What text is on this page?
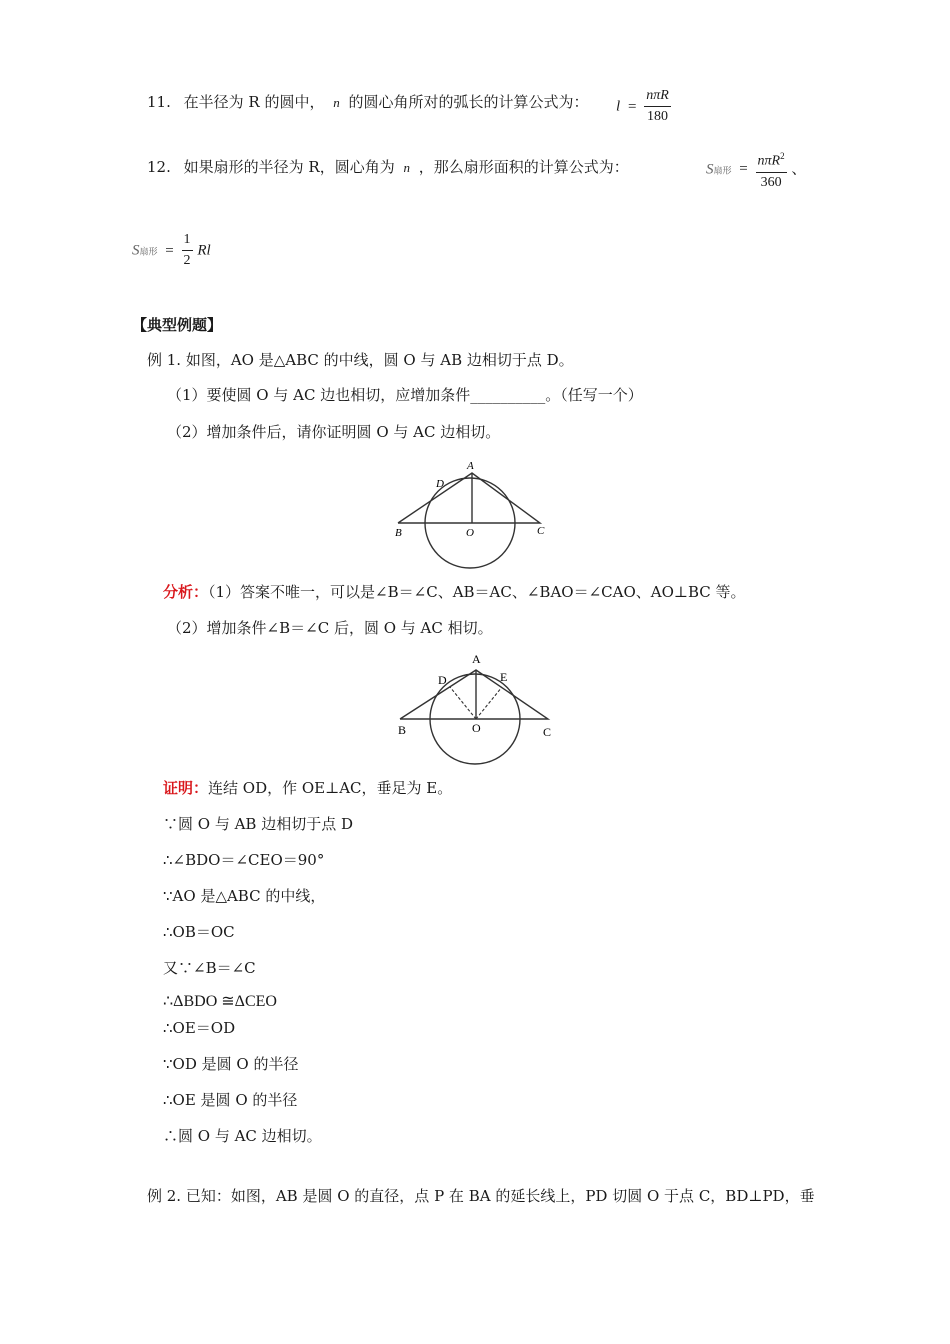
11. 在半径为 R 的圆中， n 的圆心角所对的弧长的计算公式为： $l = \frac{\text{nπR}}{180}$
12. 如果扇形的半径为 R，圆心角为 n ，那么扇形面积的计算公式为：	S扇形 = $\frac{n\pi R^2}{360}$ 、
S扇形 = $\frac{1}{2}$ Rl
【典型例题】
例 1. 如图，AO 是△ABC 的中线，圆 O 与 AB 边相切于点 D。
（1）要使圆 O 与 AC 边也相切，应增加条件__________。（任写一个）
（2）增加条件后，请你证明圆 O 与 AC 边相切。
A
D
B	O	C
分析：（1）答案不唯一，可以是∠B＝∠C、AB＝AC、∠BAO＝∠CAO、AO⊥BC 等。
（2）增加条件∠B＝∠C 后，圆 O 与 AC 相切。
A
D	E
B	O	C
证明：连结 OD，作 OE⊥AC，垂足为 E。
∵圆 O 与 AB 边相切于点 D
∴∠BDO＝∠CEO＝90°
∵AO 是△ABC 的中线，
∴OB＝OC
又∵∠B＝∠C
∴ΔBDO ≅ΔCEO
∴OE＝OD
∵OD 是圆 O 的半径
∴OE 是圆 O 的半径
∴圆 O 与 AC 边相切。
例 2. 已知：如图，AB 是圆 O 的直径，点 P 在 BA 的延长线上，PD 切圆 O 于点 C，BD⊥PD，垂
